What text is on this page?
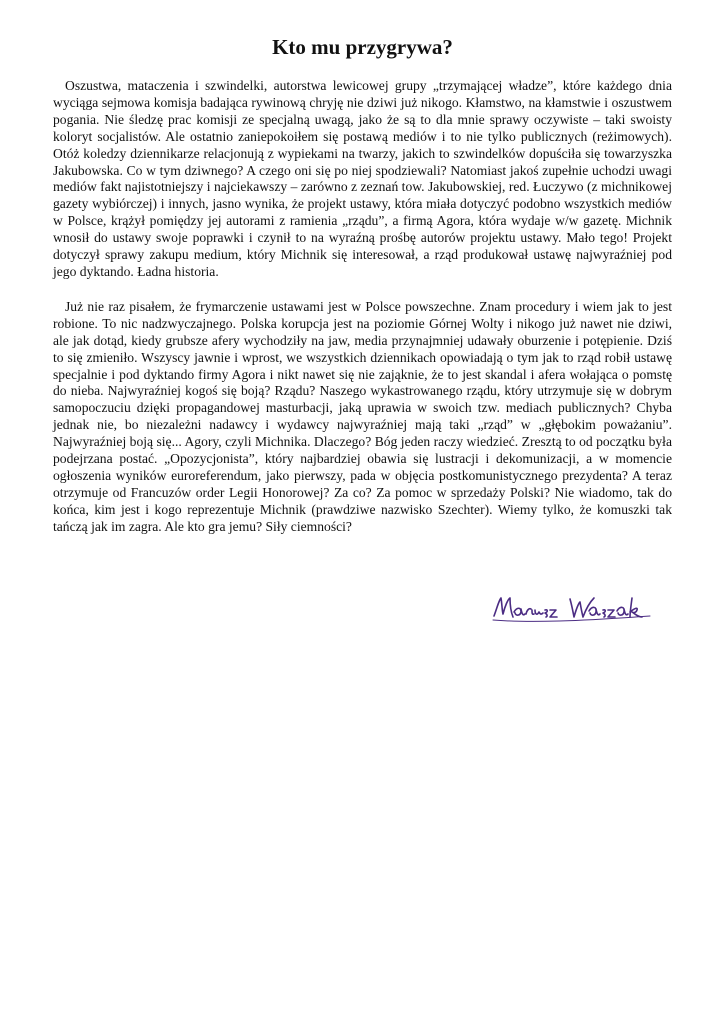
Kto mu przygrywa?

Oszustwa, mataczenia i szwindelki, autorstwa lewicowej grupy „trzymającej władze”, które każdego dnia wyciąga sejmowa komisja badająca rywinową chryję nie dziwi już nikogo. Kłamstwo, na kłamstwie i oszustwem pogania. Nie śledzę prac komisji ze specjalną uwagą, jako że są to dla mnie sprawy oczywiste – taki swoisty koloryt socjalistów. Ale ostatnio zaniepokoiłem się postawą mediów i to nie tylko publicznych (reżimowych). Otóż koledzy dziennikarze relacjonują z wypiekami na twarzy, jakich to szwindelków dopuściła się towarzyszka Jakubowska. Co w tym dziwnego? A czego oni się po niej spodziewali? Natomiast jakoś zupełnie uchodzi uwagi mediów fakt najistotniejszy i najciekawszy – zarówno z zeznań tow. Jakubowskiej, red. Łuczywo (z michnikowej gazety wybiórczej) i innych, jasno wynika, że projekt ustawy, która miała dotyczyć podobno wszystkich mediów w Polsce, krążył pomiędzy jej autorami z ramienia „rządu”, a firmą Agora, która wydaje w/w gazetę. Michnik wnosił do ustawy swoje poprawki i czynił to na wyraźną prośbę autorów projektu ustawy. Mało tego! Projekt dotyczył sprawy zakupu medium, który Michnik się interesował, a rząd produkował ustawę najwyraźniej pod jego dyktando. Ładna historia.

Już nie raz pisałem, że frymarczenie ustawami jest w Polsce powszechne. Znam procedury i wiem jak to jest robione. To nic nadzwyczajnego. Polska korupcja jest na poziomie Górnej Wolty i nikogo już nawet nie dziwi, ale jak dotąd, kiedy grubsze afery wychodziły na jaw, media przynajmniej udawały oburzenie i potępienie. Dziś to się zmieniło. Wszyscy jawnie i wprost, we wszystkich dziennikach opowiadają o tym jak to rząd robił ustawę specjalnie i pod dyktando firmy Agora i nikt nawet się nie zająknie, że to jest skandal i afera wołająca o pomstę do nieba. Najwyraźniej kogoś się boją? Rządu? Naszego wykastrowanego rządu, który utrzymuje się w dobrym samopoczuciu dzięki propagandowej masturbacji, jaką uprawia w swoich tzw. mediach publicznych? Chyba jednak nie, bo niezależni nadawcy i wydawcy najwyraźniej mają taki „rząd” w „głębokim poważaniu”. Najwyraźniej boją się... Agory, czyli Michnika. Dlaczego? Bóg jeden raczy wiedzieć. Zresztą to od początku była podejrzana postać. „Opozycjonista”, który najbardziej obawia się lustracji i dekomunizacji, a w momencie ogłoszenia wyników euroreferendum, jako pierwszy, pada w objęcia postkomunistycznego prezydenta? A teraz otrzymuje od Francuzów order Legii Honorowej? Za co? Za pomoc w sprzedaży Polski? Nie wiadomo, tak do końca, kim jest i kogo reprezentuje Michnik (prawdziwe nazwisko Szechter). Wiemy tylko, że komuszki tak tańczą jak im zagra. Ale kto gra jemu? Siły ciemności?
